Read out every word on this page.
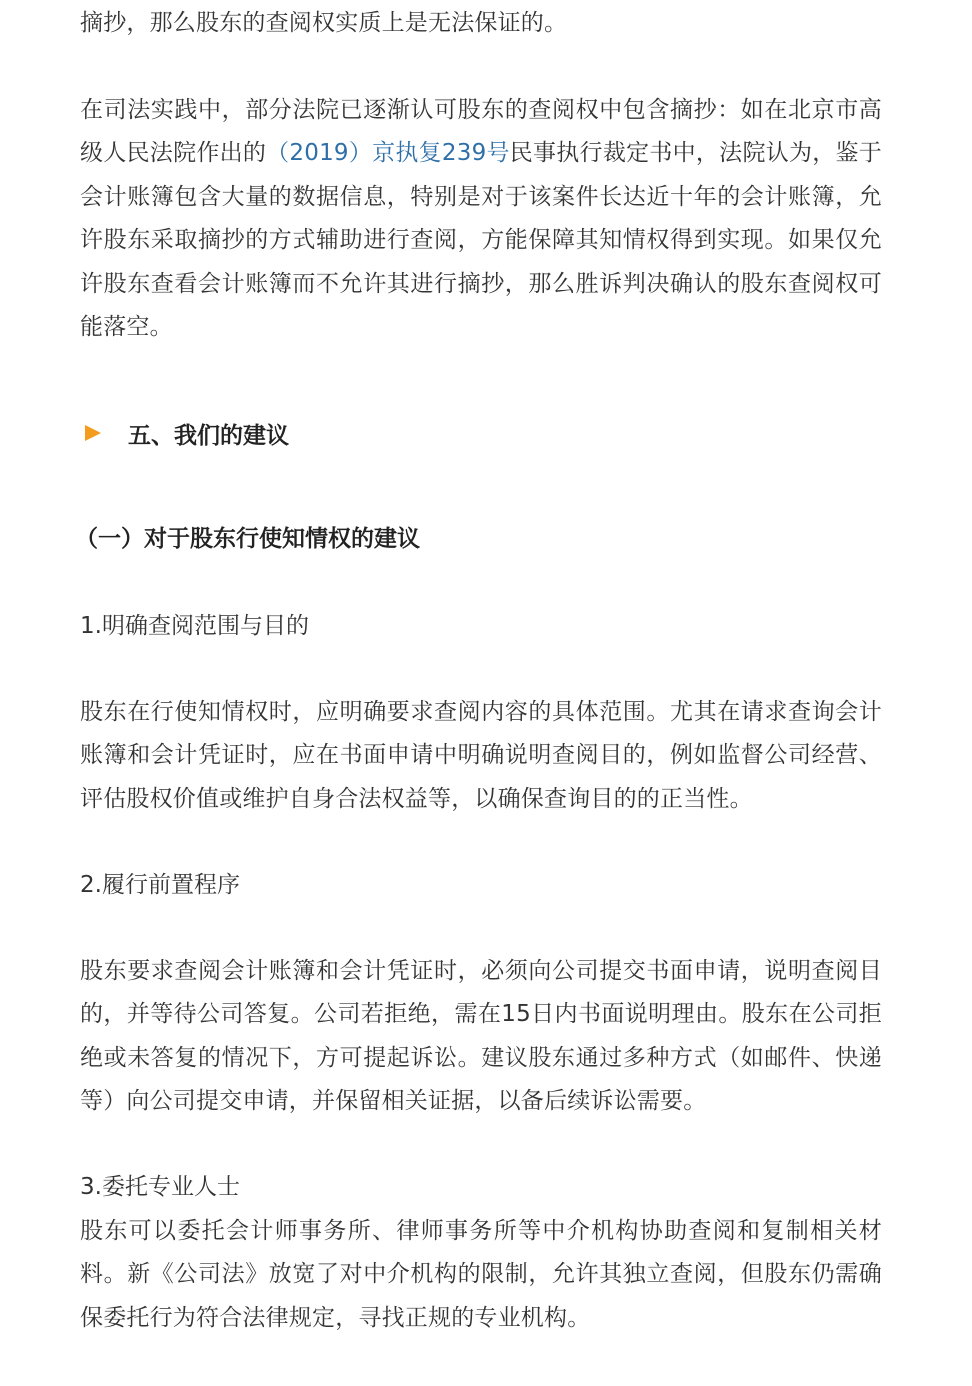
摘抄，那么股东的查阅权实质上是无法保证的。

在司法实践中，部分法院已逐渐认可股东的查阅权中包含摘抄：如在北京市高级人民法院作出的（2019）京执复239号民事执行裁定书中，法院认为，鉴于会计账簿包含大量的数据信息，特别是对于该案件长达近十年的会计账簿，允许股东采取摘抄的方式辅助进行查阅，方能保障其知情权得到实现。如果仅允许股东查看会计账簿而不允许其进行摘抄，那么胜诉判决确认的股东查阅权可能落空。

五、我们的建议

（一）对于股东行使知情权的建议

1.明确查阅范围与目的

股东在行使知情权时，应明确要求查阅内容的具体范围。尤其在请求查询会计账簿和会计凭证时，应在书面申请中明确说明查阅目的，例如监督公司经营、评估股权价值或维护自身合法权益等，以确保查询目的的正当性。

2.履行前置程序

股东要求查阅会计账簿和会计凭证时，必须向公司提交书面申请，说明查阅目的，并等待公司答复。公司若拒绝，需在15日内书面说明理由。股东在公司拒绝或未答复的情况下，方可提起诉讼。建议股东通过多种方式（如邮件、快递等）向公司提交申请，并保留相关证据，以备后续诉讼需要。

3.委托专业人士

股东可以委托会计师事务所、律师事务所等中介机构协助查阅和复制相关材料。新《公司法》放宽了对中介机构的限制，允许其独立查阅，但股东仍需确保委托行为符合法律规定，寻找正规的专业机构。
